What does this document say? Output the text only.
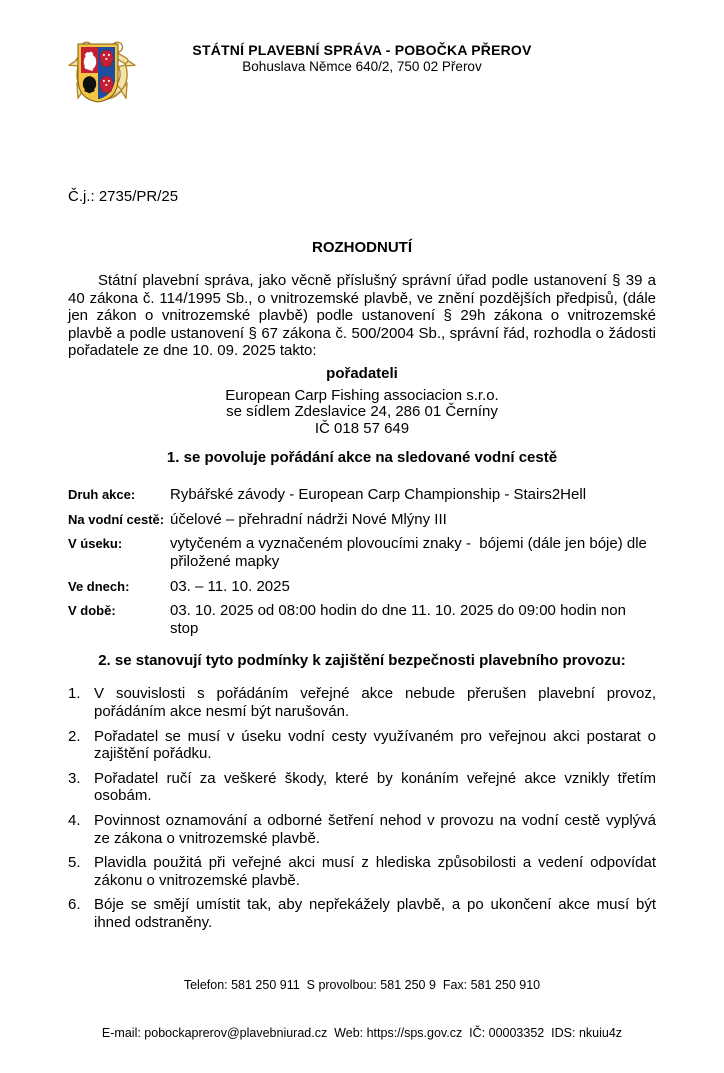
STÁTNÍ PLAVEBNÍ SPRÁVA - POBOČKA PŘEROV
Bohuslava Němce 640/2, 750 02 Přerov
Č.j.: 2735/PR/25
ROZHODNUTÍ

Státní plavební správa, jako věcně příslušný správní úřad podle ustanovení § 39 a 40 zákona č. 114/1995 Sb., o vnitrozemské plavbě, ve znění pozdějších předpisů, (dále jen zákon o vnitrozemské plavbě) podle ustanovení § 29h zákona o vnitrozemské plavbě a podle ustanovení § 67 zákona č. 500/2004 Sb., správní řád, rozhodla o žádosti pořadatele ze dne 10. 09. 2025 takto:

pořadateli
European Carp Fishing associacion s.r.o.
se sídlem Zdeslavice 24, 286 01 Černíny
IČ 018 57 649
1. se povoluje pořádání akce na sledované vodní cestě
Druh akce:	Rybářské závody - European Carp Championship - Stairs2Hell
Na vodní cestě: účelové – přehradní nádrži Nové Mlýny III
V úseku:	vytyčeném a vyznačeném plovoucími znaky -  bójemi (dále jen bóje) dle přiložené mapky
Ve dnech:	03. – 11. 10. 2025
V době:	03. 10. 2025 od 08:00 hodin do dne 11. 10. 2025 do 09:00 hodin non stop
2. se stanovují tyto podmínky k zajištění bezpečnosti plavebního provozu:
1. V souvislosti s pořádáním veřejné akce nebude přerušen plavební provoz, pořádáním akce nesmí být narušován.
2. Pořadatel se musí v úseku vodní cesty využívaném pro veřejnou akci postarat o zajištění pořádku.
3. Pořadatel ručí za veškeré škody, které by konáním veřejné akce vznikly třetím osobám.
4. Povinnost oznamování a odborné šetření nehod v provozu na vodní cestě vyplývá ze zákona o vnitrozemské plavbě.
5. Plavidla použitá při veřejné akci musí z hlediska způsobilosti a vedení odpovídat zákonu o vnitrozemské plavbě.
6. Bóje se smějí umístit tak, aby nepřekážely plavbě, a po ukončení akce musí být ihned odstraněny.

Telefon: 581 250 911  S provolbou: 581 250 9  Fax: 581 250 910

E-mail: pobockaprerov@plavebniurad.cz  Web: https://sps.gov.cz  IČ: 00003352  IDS: nkuiu4z
